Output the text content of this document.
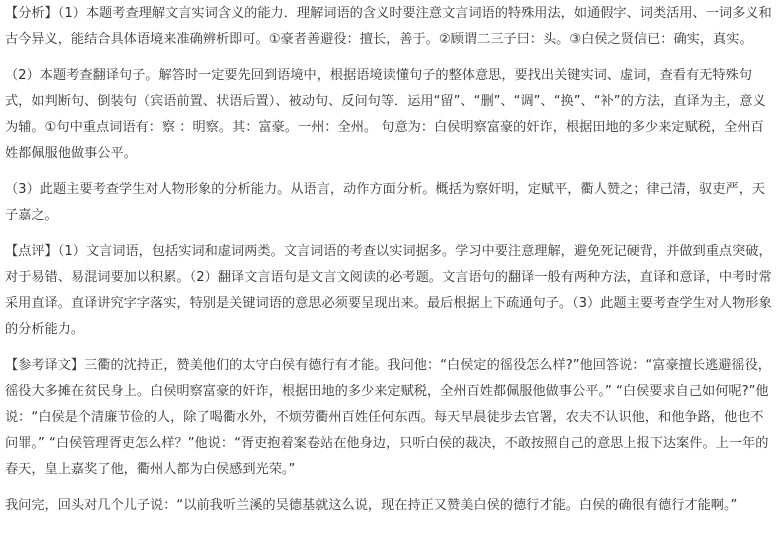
【分析】（1）本题考查理解文言实词含义的能力．理解词语的含义时要注意文言词语的特殊用法，如通假字、词类活用、一词多义和古今异义，能结合具体语境来准确辨析即可。①豪者善避役：擅长，善于。②顾谓二三子曰：头。③白侯之贤信已：确实，真实。

（2）本题考查翻译句子。解答时一定要先回到语境中，根据语境读懂句子的整体意思，要找出关键实词、虚词，查看有无特殊句式，如判断句、倒装句（宾语前置、状语后置）、被动句、反问句等．运用“留”、“删”、“调”、“换”、“补”的方法，直译为主，意义为辅。①句中重点词语有：察 ：明察。其：富豪。一州：全州。 句意为：白侯明察富豪的奸诈，根据田地的多少来定赋税，全州百姓都佩服他做事公平。

（3）此题主要考查学生对人物形象的分析能力。从语言，动作方面分析。概括为察奸明，定赋平，衢人赞之；律己清，驭吏严，天子嘉之。

【点评】（1）文言词语，包括实词和虚词两类。文言词语的考查以实词据多。学习中要注意理解，避免死记硬背，并做到重点突破，对于易错、易混词要加以积累。（2）翻译文言语句是文言文阅读的必考题。文言语句的翻译一般有两种方法，直译和意译，中考时常采用直译。直译讲究字字落实，特别是关键词语的意思必须要呈现出来。最后根据上下疏通句子。（3）此题主要考查学生对人物形象的分析能力。

【参考译文】三衢的沈持正，赞美他们的太守白侯有德行有才能。我问他：“白侯定的徭役怎么样?”他回答说：“富豪擅长逃避徭役，徭役大多摊在贫民身上。白侯明察富豪的奸诈，根据田地的多少来定赋税，全州百姓都佩服他做事公平。” “白侯要求自己如何呢?”他说：“白侯是个清廉节俭的人，除了喝衢水外，不烦劳衢州百姓任何东西。每天早晨徒步去官署，农夫不认识他，和他争路，他也不问罪。” “白侯管理胥吏怎么样？”他说：“胥吏抱着案卷站在他身边，只听白侯的裁决，不敢按照自己的意思上报下达案件。上一年的春天，皇上嘉奖了他，衢州人都为白侯感到光荣。”

我问完，回头对几个儿子说：“以前我听兰溪的吴德基就这么说，现在持正又赞美白侯的德行才能。白侯的确很有德行才能啊。”
